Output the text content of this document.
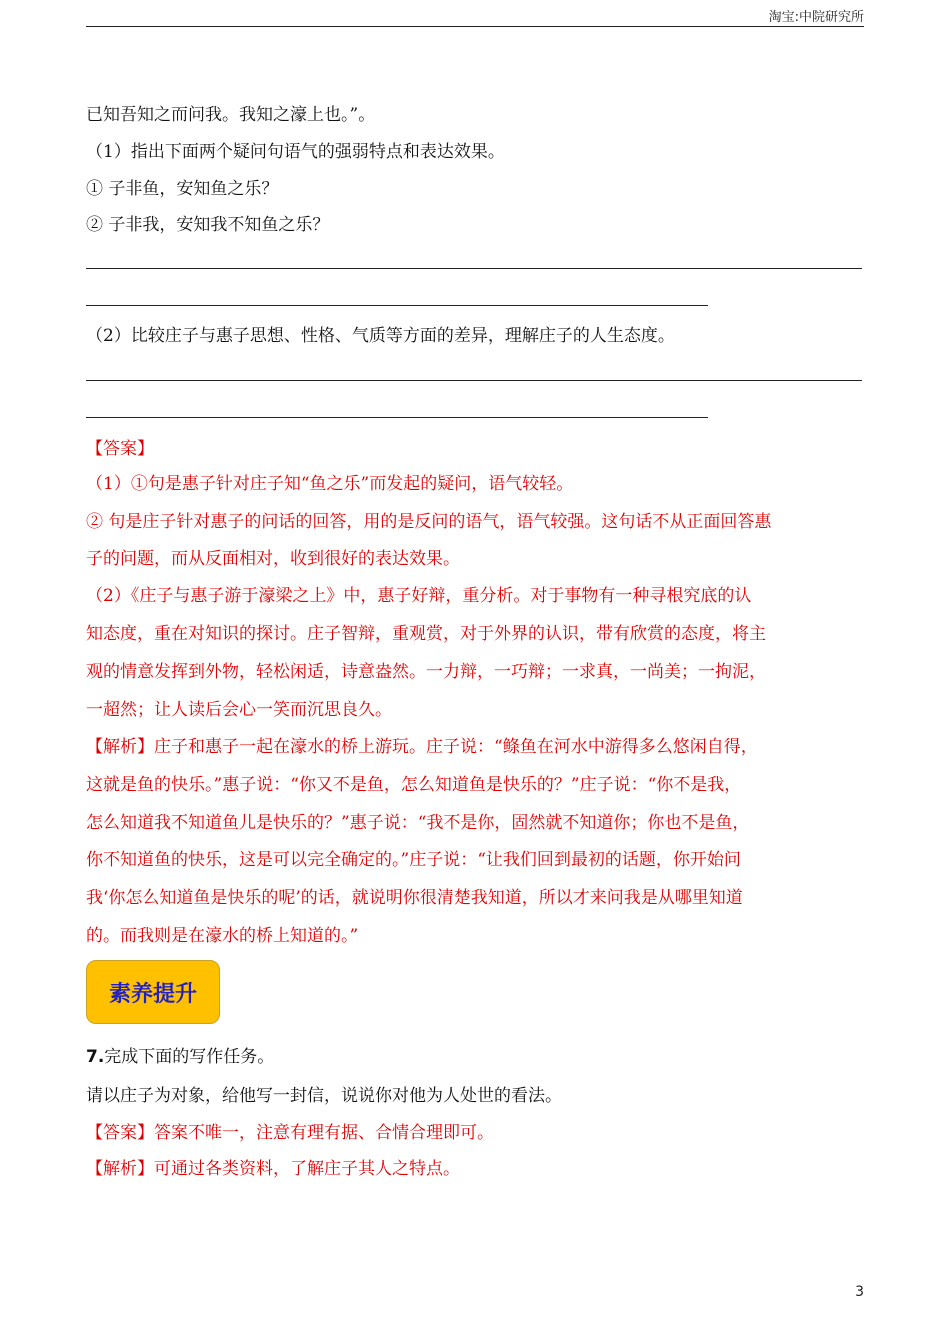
淘宝:中院研究所
已知吾知之而问我。我知之濠上也。”。
（1）指出下面两个疑问句语气的强弱特点和表达效果。
① 子非鱼，安知鱼之乐？
② 子非我，安知我不知鱼之乐？
（2）比较庄子与惠子思想、性格、气质等方面的差异，理解庄子的人生态度。
【答案】
（1）①句是惠子针对庄子知“鱼之乐”而发起的疑问，语气较轻。
② 句是庄子针对惠子的问话的回答，用的是反问的语气，语气较强。这句话不从正面回答惠
子的问题，而从反面相对，收到很好的表达效果。
（2）《庄子与惠子游于濠梁之上》中，惠子好辩，重分析。对于事物有一种寻根究底的认
知态度，重在对知识的探讨。庄子智辩，重观赏，对于外界的认识，带有欣赏的态度，将主
观的情意发挥到外物，轻松闲适，诗意盎然。一力辩，一巧辩；一求真，一尚美；一拘泥，
一超然；让人读后会心一笑而沉思良久。
【解析】庄子和惠子一起在濠水的桥上游玩。庄子说：“鲦鱼在河水中游得多么悠闲自得，
这就是鱼的快乐。”惠子说：“你又不是鱼，怎么知道鱼是快乐的？”庄子说：“你不是我，
怎么知道我不知道鱼儿是快乐的？”惠子说：“我不是你，固然就不知道你；你也不是鱼，
你不知道鱼的快乐，这是可以完全确定的。”庄子说：“让我们回到最初的话题，你开始问
我‘你怎么知道鱼是快乐的呢’的话，就说明你很清楚我知道，所以才来问我是从哪里知道
的。而我则是在濠水的桥上知道的。”
素养提升
7.完成下面的写作任务。
请以庄子为对象，给他写一封信，说说你对他为人处世的看法。
【答案】答案不唯一，注意有理有据、合情合理即可。
【解析】可通过各类资料，了解庄子其人之特点。
3
